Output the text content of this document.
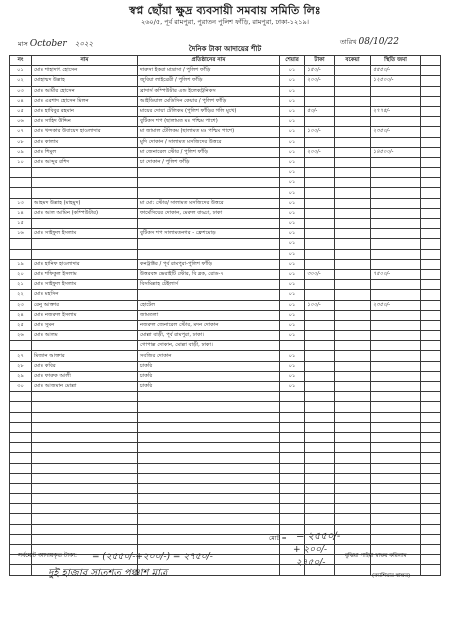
স্বপ্ন ছোঁয়া ক্ষুদ্র ব্যবসায়ী সমবায় সমিতি লিঃ
২৬০/৫, পূর্ব রামপুরা, পুরাতন পুলিশ ফাঁড়ি, রামপুরা, ঢাকা-১২১৯।
মাস October ২০২২
দৈনিক টাকা আদায়ের শীট
তারিখ 08/10/22
নং	নাম	প্রতিষ্ঠানের নাম	শেয়ার	টাকা	বকেয়া	স্থিতি জমা	
০১	মোঃ শাহাদাৎ হোসেন	দারুসা ইকরা মাদ্রাসা / পুলিশ ফাঁড়ি	০১	১৫০/-		৫৫৫০/-	
০২	মোহাম্মদ উল্লাহ	জুবিয়া লাইব্রেরী / পুলিশ ফাঁড়ি	০১	২০০/-		১২৫০০/-	
০৩	মোঃ আমীর হোসেন	ব্রাদার্স কম্পিউটার এন্ড ইলেকট্রনিকস	০১				
০৪	মোঃ এরশাদ হোসেন মিলন	আইডিয়াল মেডিসিন কেয়ার / পুলিশ ফাঁড়ি	০১				
০৫	মোঃ হাবিবুর রহমান	মায়ের দোয়া টেলিকম (পুলিশ ফাঁড়ির গলি মুখে)	০১	৫০/-		২৭৭৫/-	
০৬	মোঃ সাহিদ উদ্দিন	বুটিকস শপ (ছালামত মঃ পশ্চিম পাশে)	০১				
০৭	মোঃ খন্দকার উবায়েদ হাওলাদার	মা জামাল টেলিকম (ছালামত মঃ পশ্চিম পাশে)	০১	১০০/-		২৩৫০/-	
০৮	মোঃ কালাম	মুদি দোকান / সালামত মসজিদের উত্তরে	০১				
০৯	মোঃ শিমুল	মা জেনারেল স্টোর / পুলিশ ফাঁড়ি	০১	২০০/-		১৪৫০০/-	
১০	মোঃ আব্দুর রশিদ	চা দোকান / পুলিশ ফাঁড়ি	০১				
			০১				
			০১				
			০১				
১৩	আহমদ উল্লাহ (মাহমুদ)	মা মো: স্টোর/ সালামত মসজিদের উত্তরে	০১				
১৪	মোঃ আল আমিন (কম্পিউটার)	ফার্মেসিয়ের দোকান, মেরুল বাড্ডা, ঢাকা	০১				
১৫			০১				
১৬	মোঃ সাইফুল ইসলাম	বুটিকস শপ সালামতনগর - ফ্রেশমোড়	০১				
			০১				
			০১				
১৯	মোঃ হানিফ হাওলাদার	কনট্রাক্টর / পূর্ব রামপুরা-পুলিশ ফাঁড়ি	০১				
২০	মোঃ শফিকুল ইসলাম	উত্তরবঙ্গ ভেরাইটি স্টোর, বি ব্লক, রোড-৭	০১	৩০০/-		৭৫০০/-	
২১	মোঃ সাইফুল ইসলাম	বিসমিল্লাহ টেইলার্স	০১				
২২	মোঃ মহসিন		০১				
২৩	রেনু আক্তার	হোটেল	০১	১০০/-		২৩৫০/-	
২৪	মোঃ নজরুল ইসলাম	জামতলা	০১				
২৫	মোঃ সুমন	নজরুল জেনারেল স্টোর, মদন দোকান	০১				
২৬	মোঃ আলম	মোল্লা বাড়ী, পূর্ব রামপুরা, ঢাকা।	০১				
		গোপাল্ল দোকান, মোল্লা বাড়ী, ঢাকা।					
২৭	মিজান আক্তার	সবজির দোকান	০১				
২৮	মোঃ কবির	চাকরি	০১				
২৯	মোঃ ফারুক আলী	চাকরি	০১				
৩০	মোঃ আজমান মোল্লা	চাকরি	০১				

মোট = = ২৫৫০/-
+ ২০০/-
২৭৫০/-
সর্বমোট আদায়কৃত টাকা: = (২৫৫০/-+২০০/-) = ২৭৫০/-
দুই হাজার সাতশত পঞ্চাশ মাত্র
বুঝিয়া পাইয়া স্বাক্ষর করিলাম
(ক্যাশিয়ার স্বাক্ষর)
